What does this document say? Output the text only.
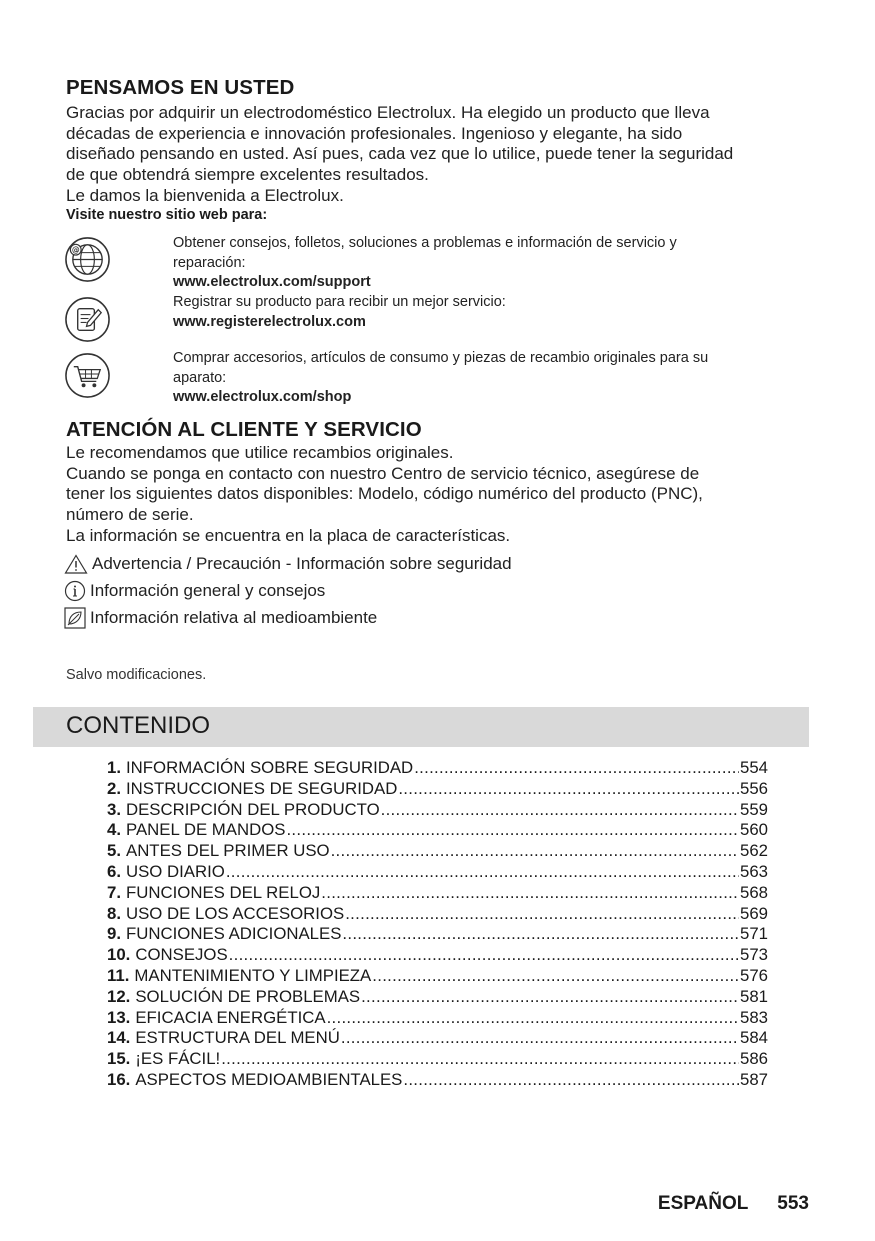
PENSAMOS EN USTED

Gracias por adquirir un electrodoméstico Electrolux. Ha elegido un producto que lleva

décadas de experiencia e innovación profesionales. Ingenioso y elegante, ha sido

diseñado pensando en usted. Así pues, cada vez que lo utilice, puede tener la seguridad

de que obtendrá siempre excelentes resultados.

Le damos la bienvenida a Electrolux.

Visite nuestro sitio web para:

@	Obtener consejos, folletos, soluciones a problemas e información de servicio y
reparación:
www.electrolux.com/support
Registrar su producto para recibir un mejor servicio:
www.registerelectrolux.com
Comprar accesorios, artículos de consumo y piezas de recambio originales para su
aparato:
www.electrolux.com/shop
ATENCIÓN AL CLIENTE Y SERVICIO

Le recomendamos que utilice recambios originales.

Cuando se ponga en contacto con nuestro Centro de servicio técnico, asegúrese de

tener los siguientes datos disponibles: Modelo, código numérico del producto (PNC),

número de serie.

La información se encuentra en la placa de características.

Advertencia / Precaución - Información sobre seguridad
Información general y consejos
Información relativa al medioambiente

Salvo modificaciones.

CONTENIDO
1. INFORMACIÓN SOBRE SEGURIDAD .....	554
2. INSTRUCCIONES DE SEGURIDAD .....	556
3. DESCRIPCIÓN DEL PRODUCTO .....	559
4. PANEL DE MANDOS .....	560
5. ANTES DEL PRIMER USO .....	562
6. USO DIARIO .....	563
7. FUNCIONES DEL RELOJ .....	568
8. USO DE LOS ACCESORIOS .....	569
9. FUNCIONES ADICIONALES .....	571
10. CONSEJOS .....	573
11. MANTENIMIENTO Y LIMPIEZA .....	576
12. SOLUCIÓN DE PROBLEMAS .....	581
13. EFICACIA ENERGÉTICA .....	583
14. ESTRUCTURA DEL MENÚ .....	584
15. ¡ES FÁCIL! .....	586
16. ASPECTOS MEDIOAMBIENTALES .....	587
ESPAÑOL 553
